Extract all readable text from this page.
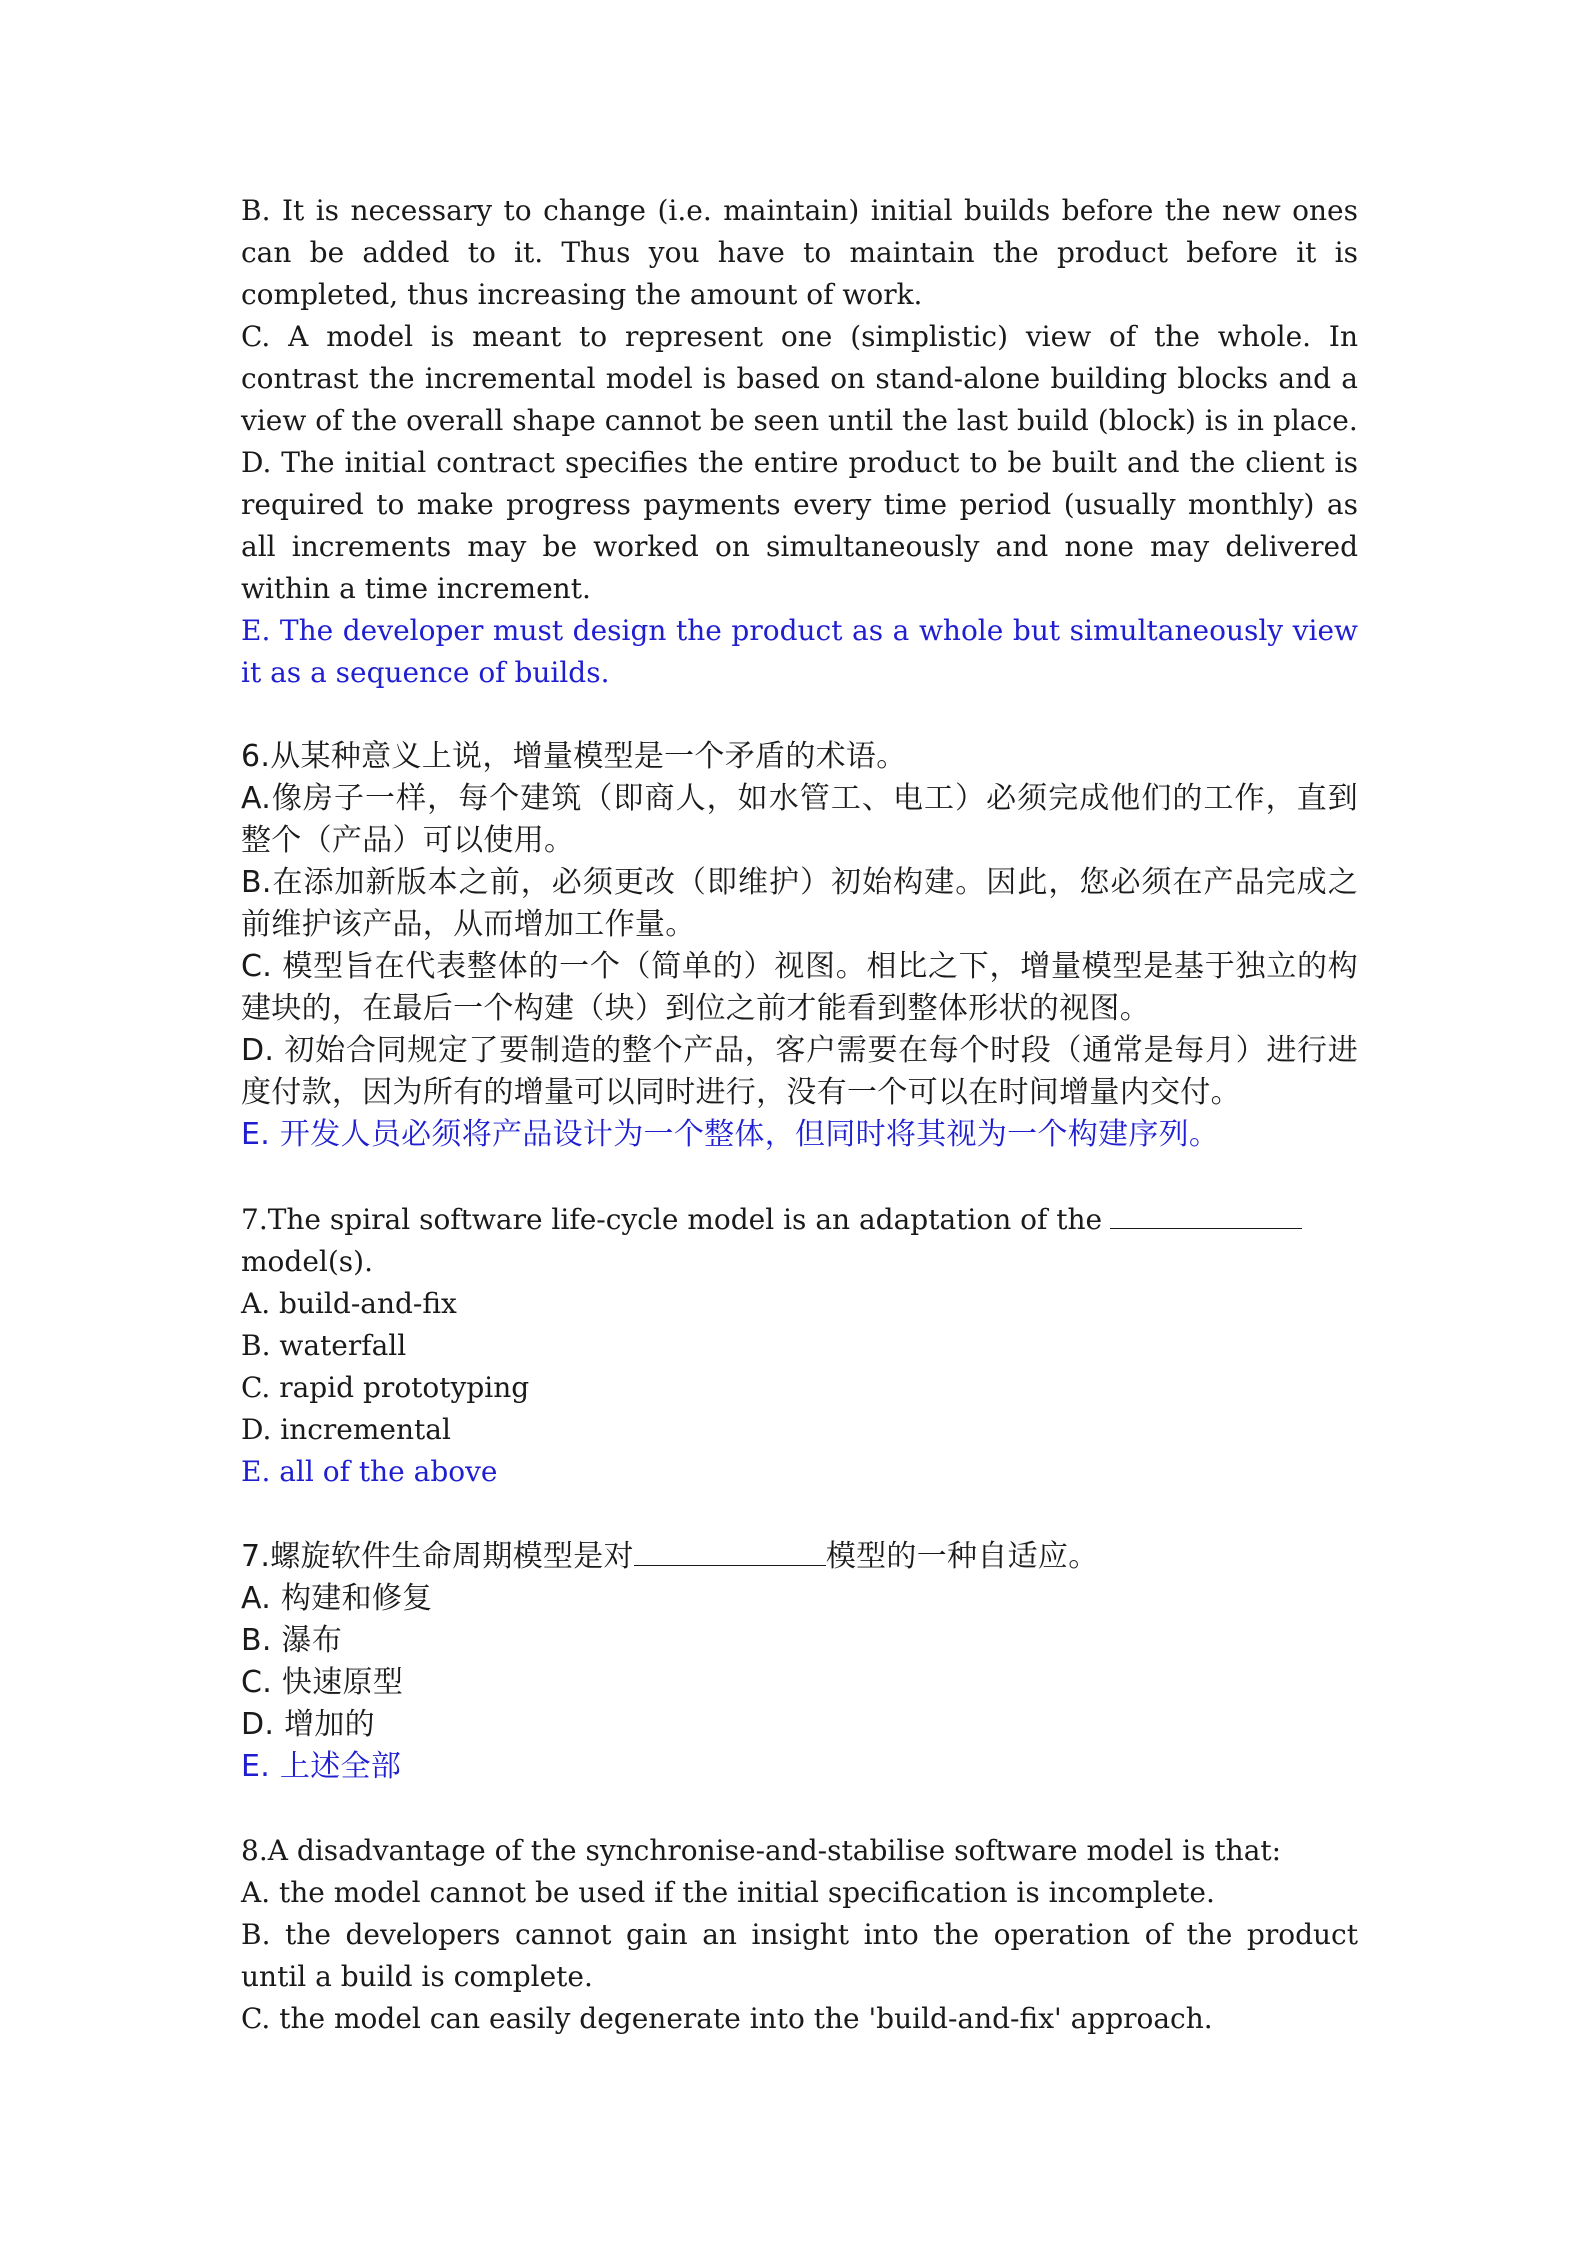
B. It is necessary to change (i.e. maintain) initial builds before the new ones can be added to it. Thus you have to maintain the product before it is completed, thus increasing the amount of work.

C. A model is meant to represent one (simplistic) view of the whole. In contrast the incremental model is based on stand-alone building blocks and a view of the overall shape cannot be seen until the last build (block) is in place.

D. The initial contract specifies the entire product to be built and the client is required to make progress payments every time period (usually monthly) as all increments may be worked on simultaneously and none may delivered within a time increment.

E. The developer must design the product as a whole but simultaneously view it as a sequence of builds.

6.从某种意义上说，增量模型是一个矛盾的术语。

A.像房子一样，每个建筑（即商人，如水管工、电工）必须完成他们的工作，直到整个（产品）可以使用。

B.在添加新版本之前，必须更改（即维护）初始构建。因此，您必须在产品完成之前维护该产品，从而增加工作量。

C. 模型旨在代表整体的一个（简单的）视图。相比之下，增量模型是基于独立的构建块的，在最后一个构建（块）到位之前才能看到整体形状的视图。

D. 初始合同规定了要制造的整个产品，客户需要在每个时段（通常是每月）进行进度付款，因为所有的增量可以同时进行，没有一个可以在时间增量内交付。

E. 开发人员必须将产品设计为一个整体，但同时将其视为一个构建序列。

7.The spiral software life-cycle model is an adaptation of the

model(s).

A. build-and-fix

B. waterfall

C. rapid prototyping

D. incremental

E. all of the above

7.螺旋软件生命周期模型是对	模型的一种自适应。

A. 构建和修复

B. 瀑布

C. 快速原型

D. 增加的

E. 上述全部

8.A disadvantage of the synchronise-and-stabilise software model is that:

A. the model cannot be used if the initial specification is incomplete.

B. the developers cannot gain an insight into the operation of the product until a build is complete.

C. the model can easily degenerate into the 'build-and-fix' approach.
